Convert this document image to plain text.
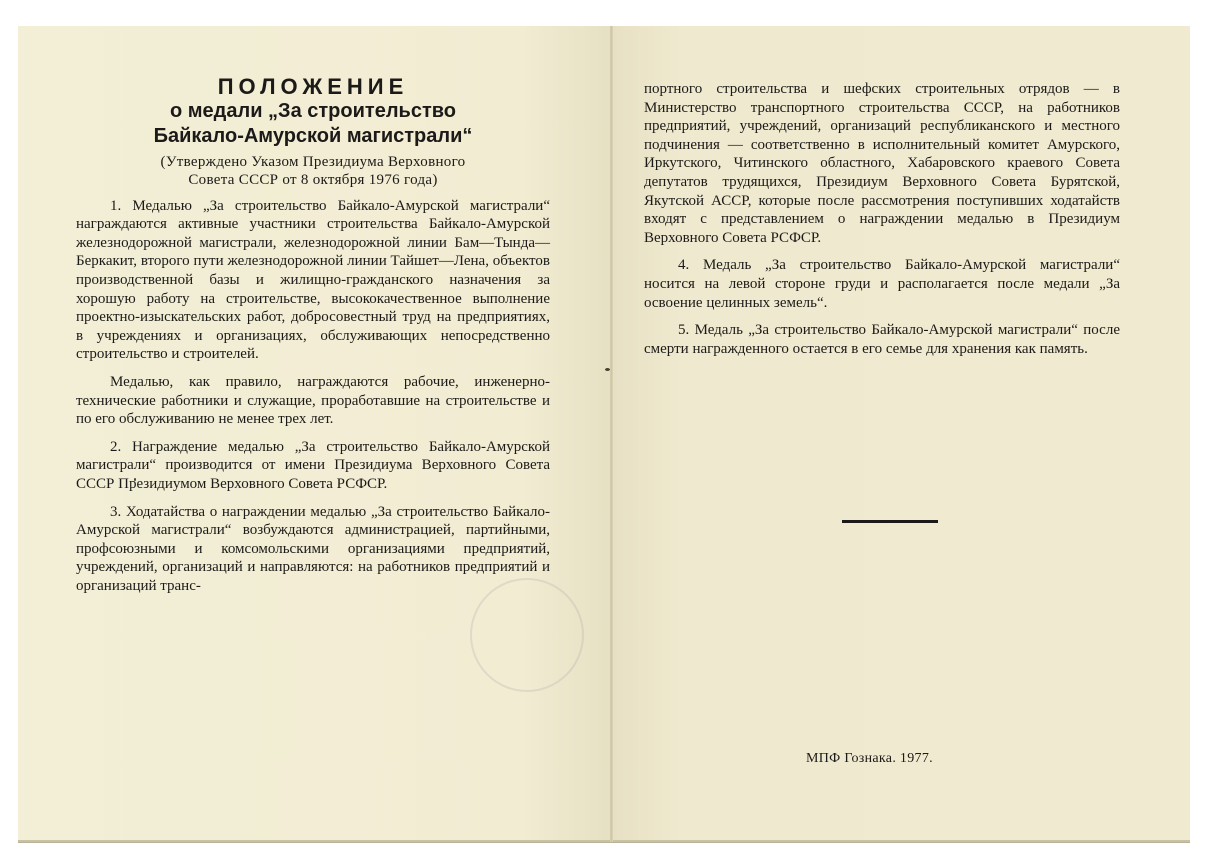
ПОЛОЖЕНИЕ
о медали „За строительство
Байкало-Амурской магистрали“
(Утверждено Указом Президиума Верховного
Совета СССР от 8 октября 1976 года)

1. Медалью „За строительство Байкало-Амурской магистрали“ награждаются активные участники строительства Байкало-Амурской железнодорожной магистрали, железнодорожной линии Бам—Тында—Беркакит, второго пути железнодорожной линии Тайшет—Лена, объектов производственной базы и жилищно-гражданского назначения за хорошую работу на строительстве, высококачественное выполнение проектно-изыскательских работ, добросовестный труд на предприятиях, в учреждениях и организациях, обслуживающих непосредственно строительство и строителей.

Медалью, как правило, награждаются рабочие, инженерно-технические работники и служащие, проработавшие на строительстве и по его обслуживанию не менее трех лет.

2. Награждение медалью „За строительство Байкало-Амурской магистрали“ производится от имени Президиума Верховного Совета СССР Президиумом Верховного Совета РСФСР.

3. Ходатайства о награждении медалью „За строительство Байкало-Амурской магистрали“ возбуждаются администрацией, партийными, профсоюзными и комсомольскими организациями предприятий, учреждений, организаций и направляются: на работников предприятий и организаций транс-

портного строительства и шефских строительных отрядов — в Министерство транспортного строительства СССР, на работников предприятий, учреждений, организаций республиканского и местного подчинения — соответственно в исполнительный комитет Амурского, Иркутского, Читинского областного, Хабаровского краевого Совета депутатов трудящихся, Президиум Верховного Совета Бурятской, Якутской АССР, которые после рассмотрения поступивших ходатайств входят с представлением о награждении медалью в Президиум Верховного Совета РСФСР.

4. Медаль „За строительство Байкало-Амурской магистрали“ носится на левой стороне груди и располагается после медали „За освоение целинных земель“.

5. Медаль „За строительство Байкало-Амурской магистрали“ после смерти награжденного остается в его семье для хранения как память.

МПФ Гознака. 1977.
